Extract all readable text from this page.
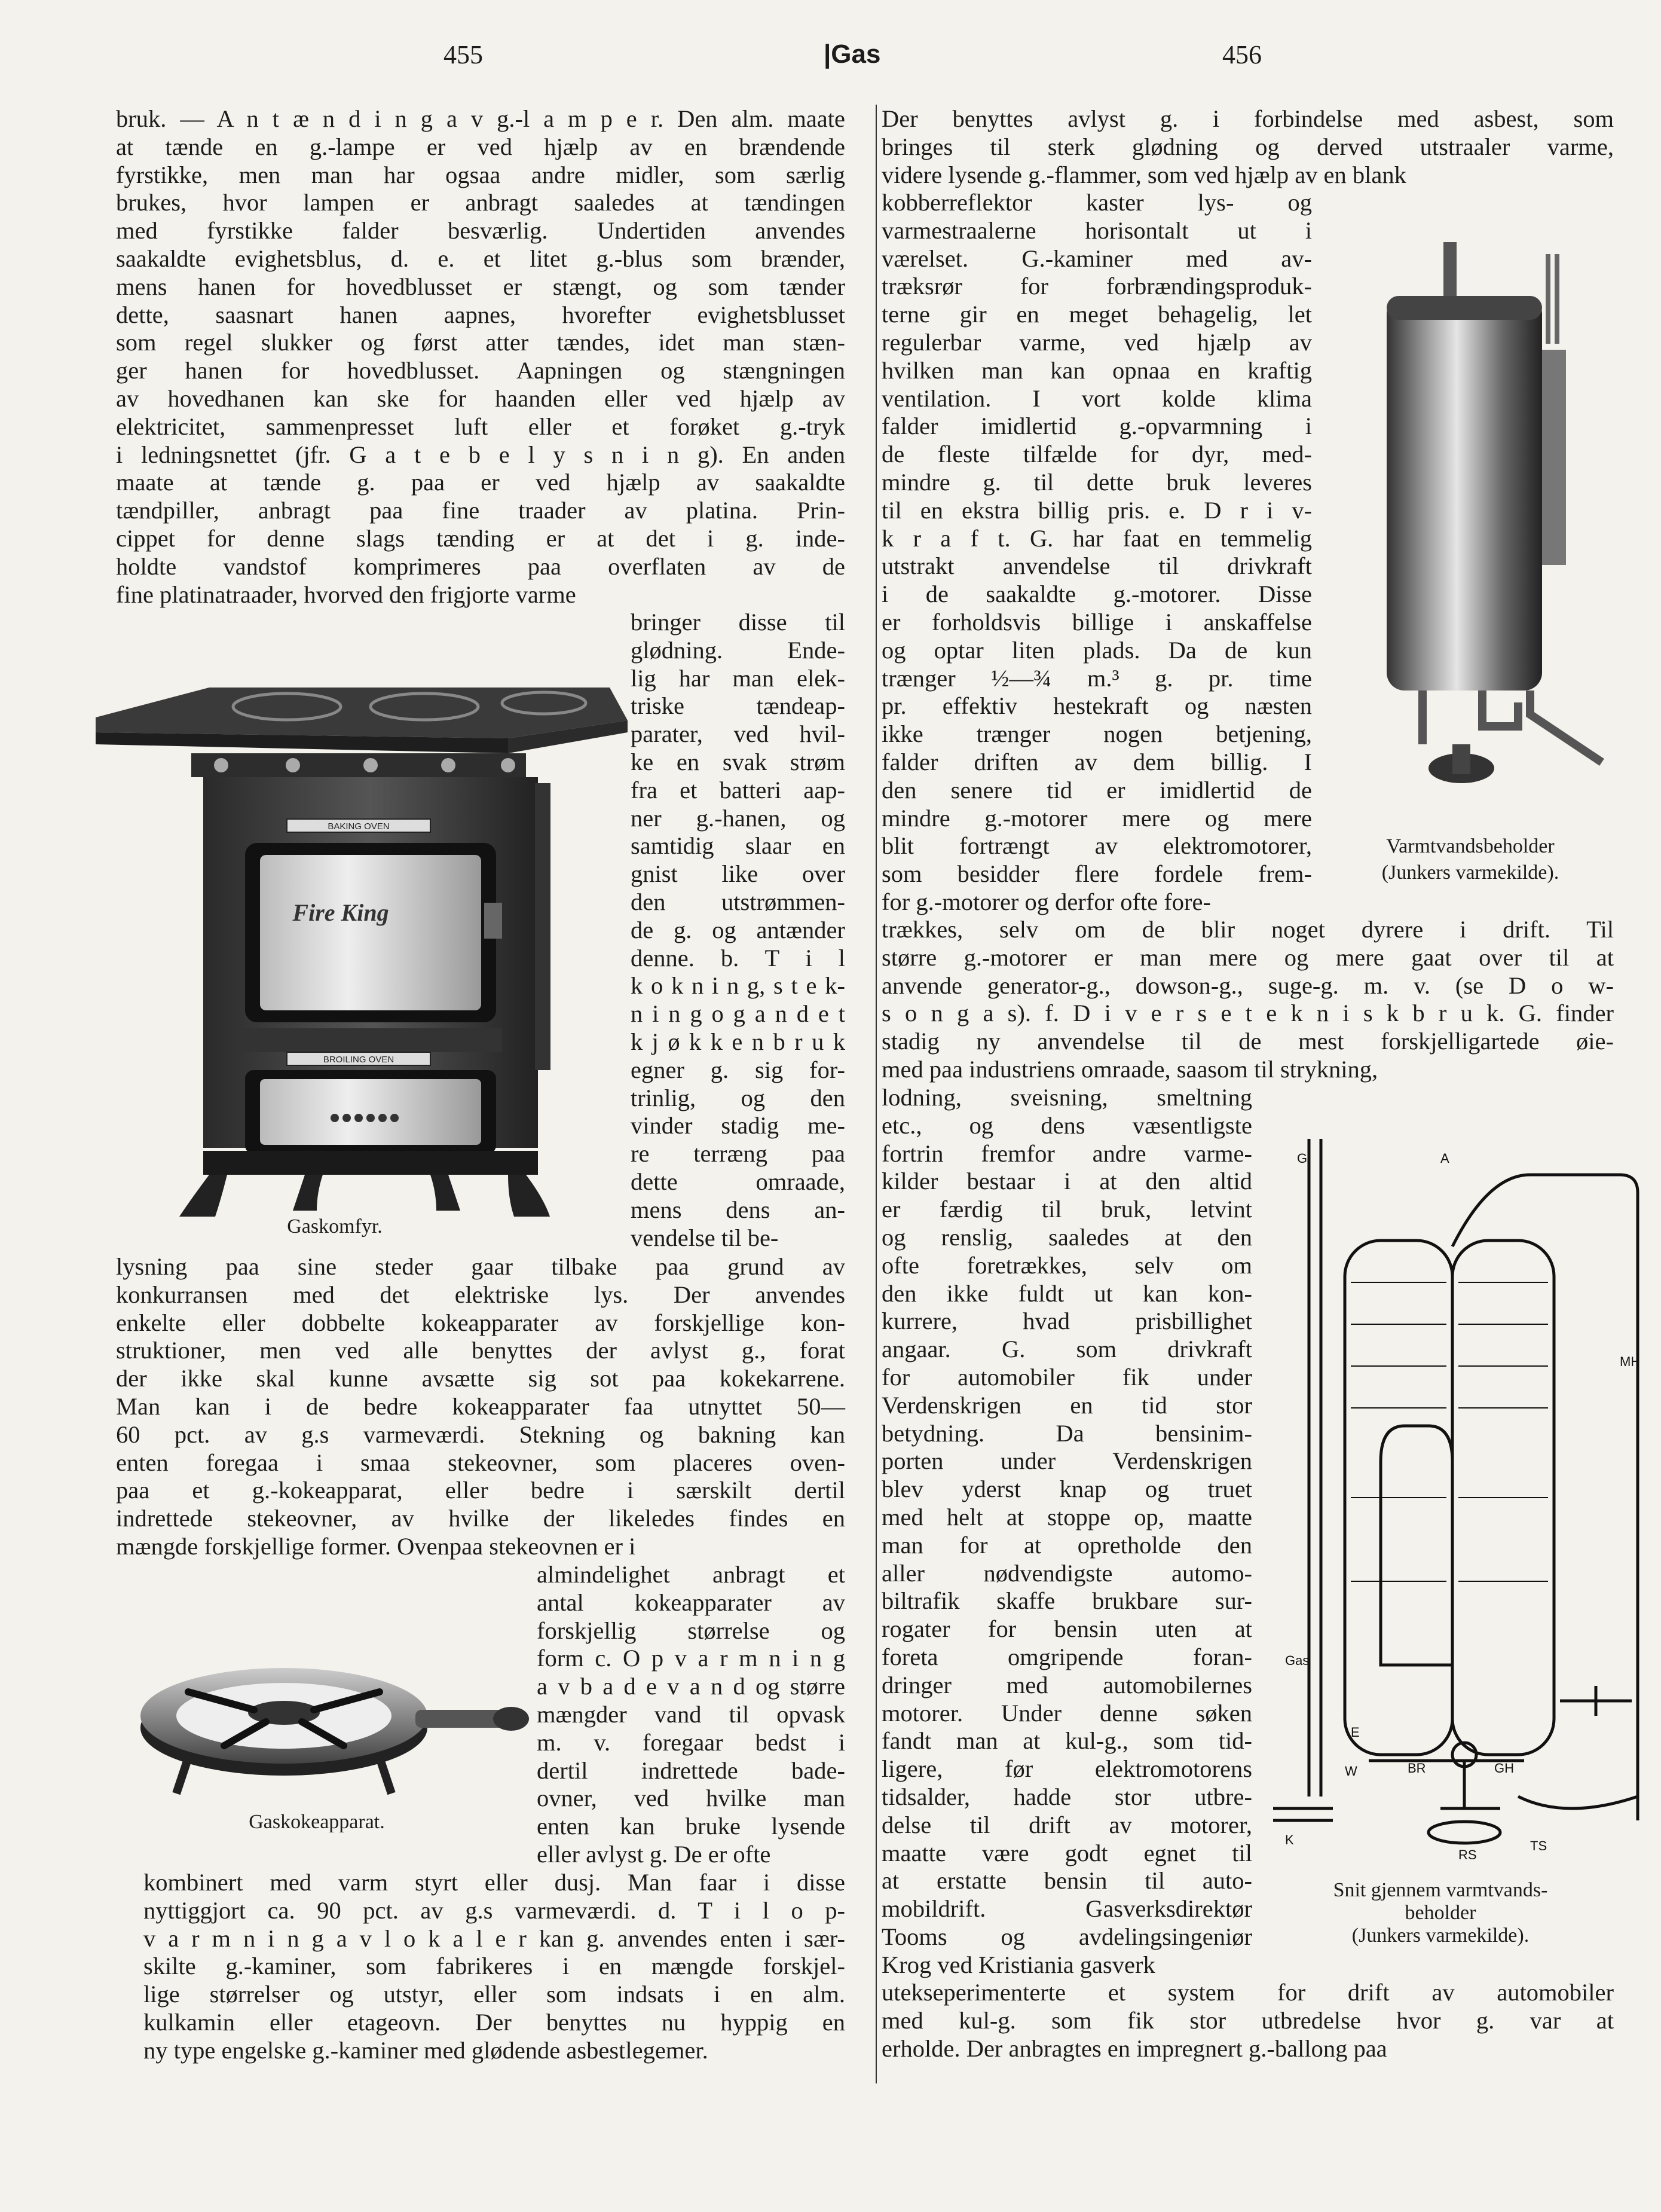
455	|Gas	456
bruk. — A n t æ n d i n g a v g.-l a m p e r. Den alm. maate
at tænde en g.-lampe er ved hjælp av en brændende
fyrstikke, men man har ogsaa andre midler, som særlig
brukes, hvor lampen er anbragt saaledes at tændingen
med fyrstikke falder besværlig. Undertiden anvendes
saakaldte evighetsblus, d. e. et litet g.-blus som brænder,
mens hanen for hovedblusset er stængt, og som tænder
dette, saasnart hanen aapnes, hvorefter evighetsblusset
som regel slukker og først atter tændes, idet man stæn-
ger hanen for hovedblusset. Aapningen og stængningen
av hovedhanen kan ske for haanden eller ved hjælp av
elektricitet, sammenpresset luft eller et forøket g.-tryk
i ledningsnettet (jfr. G a t e b e l y s n i n g). En anden
maate at tænde g. paa er ved hjælp av saakaldte
tændpiller, anbragt paa fine traader av platina. Prin-
cippet for denne slags tænding er at det i g. inde-
holdte vandstof komprimeres paa overflaten av de
fine platinatraader, hvorved den frigjorte varme
bringer disse til
glødning. Ende-
lig har man elek-
triske tændeap-
parater, ved hvil-
ke en svak strøm
fra et batteri aap-
ner g.-hanen, og
samtidig slaar en
gnist like over
den utstrømmen-
de g. og antænder
denne. b. T i l
k o k n i n g, s t e k-
n i n g o g a n d e t
k j ø k k e n b r u k
egner g. sig for-
trinlig, og den
vinder stadig me-
re terræng paa
dette omraade,
mens dens an-
vendelse til be-
lysning paa sine steder gaar tilbake paa grund av
konkurransen med det elektriske lys. Der anvendes
enkelte eller dobbelte kokeapparater av forskjellige kon-
struktioner, men ved alle benyttes der avlyst g., forat
der ikke skal kunne avsætte sig sot paa kokekarrene.
Man kan i de bedre kokeapparater faa utnyttet 50—
60 pct. av g.s varmeværdi. Stekning og bakning kan
enten foregaa i smaa stekeovner, som placeres oven-
paa et g.-kokeapparat, eller bedre i særskilt dertil
indrettede stekeovner, av hvilke der likeledes findes en
mængde forskjellige former. Ovenpaa stekeovnen er i
almindelighet anbragt et
antal kokeapparater av
forskjellig størrelse og
form c. O p v a r m n i n g
a v b a d e v a n d og større
mængder vand til opvask
m. v. foregaar bedst i
dertil indrettede bade-
ovner, ved hvilke man
enten kan bruke lysende
eller avlyst g. De er ofte
kombinert med varm styrt eller dusj. Man faar i disse
nyttiggjort ca. 90 pct. av g.s varmeværdi. d. T i l o p-
v a r m n i n g a v l o k a l e r kan g. anvendes enten i sær-
skilte g.-kaminer, som fabrikeres i en mængde forskjel-
lige størrelser og utstyr, eller som indsats i en alm.
kulkamin eller etageovn. Der benyttes nu hyppig en
ny type engelske g.-kaminer med glødende asbestlegemer.
Der benyttes avlyst g. i forbindelse med asbest, som
bringes til sterk glødning og derved utstraaler varme,
videre lysende g.-flammer, som ved hjælp av en blank
kobberreflektor kaster lys- og
varmestraalerne horisontalt ut i
værelset. G.-kaminer med av-
træksrør for forbrændingsproduk-
terne gir en meget behagelig, let
regulerbar varme, ved hjælp av
hvilken man kan opnaa en kraftig
ventilation. I vort kolde klima
falder imidlertid g.-opvarmning i
de fleste tilfælde for dyr, med-
mindre g. til dette bruk leveres
til en ekstra billig pris. e. D r i v-
k r a f t. G. har faat en temmelig
utstrakt anvendelse til drivkraft
i de saakaldte g.-motorer. Disse
er forholdsvis billige i anskaffelse
og optar liten plads. Da de kun
trænger ½—¾ m.³ g. pr. time
pr. effektiv hestekraft og næsten
ikke trænger nogen betjening,
falder driften av dem billig. I
den senere tid er imidlertid de
mindre g.-motorer mere og mere
blit fortrængt av elektromotorer,
som besidder flere fordele frem-
for g.-motorer og derfor ofte fore-
trækkes, selv om de blir noget dyrere i drift. Til
større g.-motorer er man mere og mere gaat over til at
anvende generator-g., dowson-g., suge-g. m. v. (se D o w-
s o n g a s). f. D i v e r s e t e k n i s k b r u k. G. finder
stadig ny anvendelse til de mest forskjelligartede øie-
med paa industriens omraade, saasom til strykning,
lodning, sveisning, smeltning
etc., og dens væsentligste
fortrin fremfor andre varme-
kilder bestaar i at den altid
er færdig til bruk, letvint
og renslig, saaledes at den
ofte foretrækkes, selv om
den ikke fuldt ut kan kon-
kurrere, hvad prisbillighet
angaar. G. som drivkraft
for automobiler fik under
Verdenskrigen en tid stor
betydning. Da bensinim-
porten under Verdenskrigen
blev yderst knap og truet
med helt at stoppe op, maatte
man for at opretholde den
aller nødvendigste automo-
biltrafik skaffe brukbare sur-
rogater for bensin uten at
foreta omgripende foran-
dringer med automobilernes
motorer. Under denne søken
fandt man at kul-g., som tid-
ligere, før elektromotorens
tidsalder, hadde stor utbre-
delse til drift av motorer,
maatte være godt egnet til
at erstatte bensin til auto-
mobildrift. Gasverksdirektør
Tooms og avdelingsingeniør
Krog ved Kristiania gasverk
utekseperimenterte et system for drift av automobiler
med kul-g. som fik stor utbredelse hvor g. var at
erholde. Der anbragtes en impregnert g.-ballong paa
Gaskomfyr.
Gaskokeapparat.
Varmtvandsbeholder
(Junkers varmekilde).
Snit gjennem varmtvands-
beholder
(Junkers varmekilde).
BAKING OVEN
Fire King
BROILING OVEN
G	A
MH
W	BR	GH
RS
TS
K
E
Gas
